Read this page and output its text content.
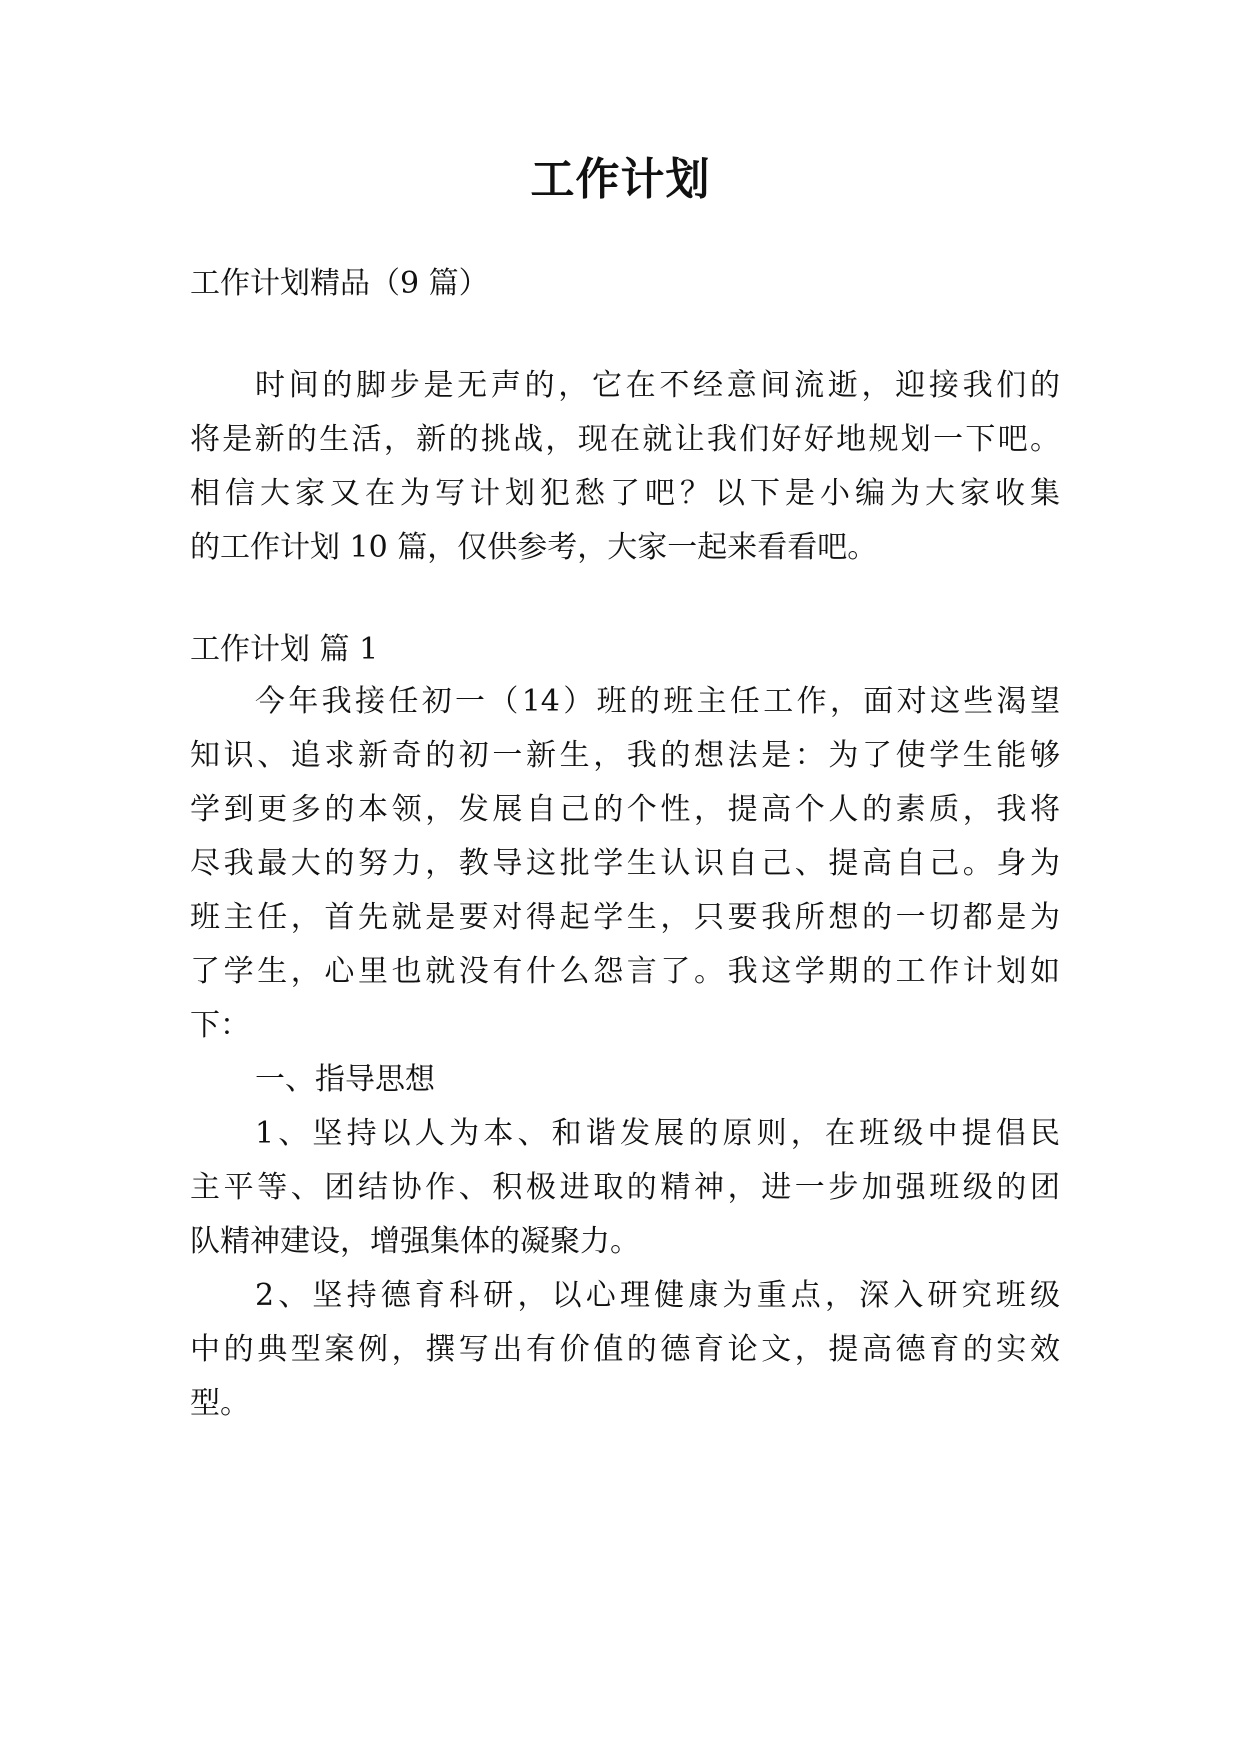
工作计划

工作计划精品（9 篇）

时间的脚步是无声的，它在不经意间流逝，迎接我们的

将是新的生活，新的挑战，现在就让我们好好地规划一下吧。

相信大家又在为写计划犯愁了吧？以下是小编为大家收集

的工作计划 10 篇，仅供参考，大家一起来看看吧。

工作计划 篇 1

今年我接任初一（14）班的班主任工作，面对这些渴望

知识、追求新奇的初一新生，我的想法是：为了使学生能够

学到更多的本领，发展自己的个性，提高个人的素质，我将

尽我最大的努力，教导这批学生认识自己、提高自己。身为

班主任，首先就是要对得起学生，只要我所想的一切都是为

了学生，心里也就没有什么怨言了。我这学期的工作计划如

下：

一、指导思想

1、坚持以人为本、和谐发展的原则，在班级中提倡民

主平等、团结协作、积极进取的精神，进一步加强班级的团

队精神建设，增强集体的凝聚力。

2、坚持德育科研，以心理健康为重点，深入研究班级

中的典型案例，撰写出有价值的德育论文，提高德育的实效

型。
